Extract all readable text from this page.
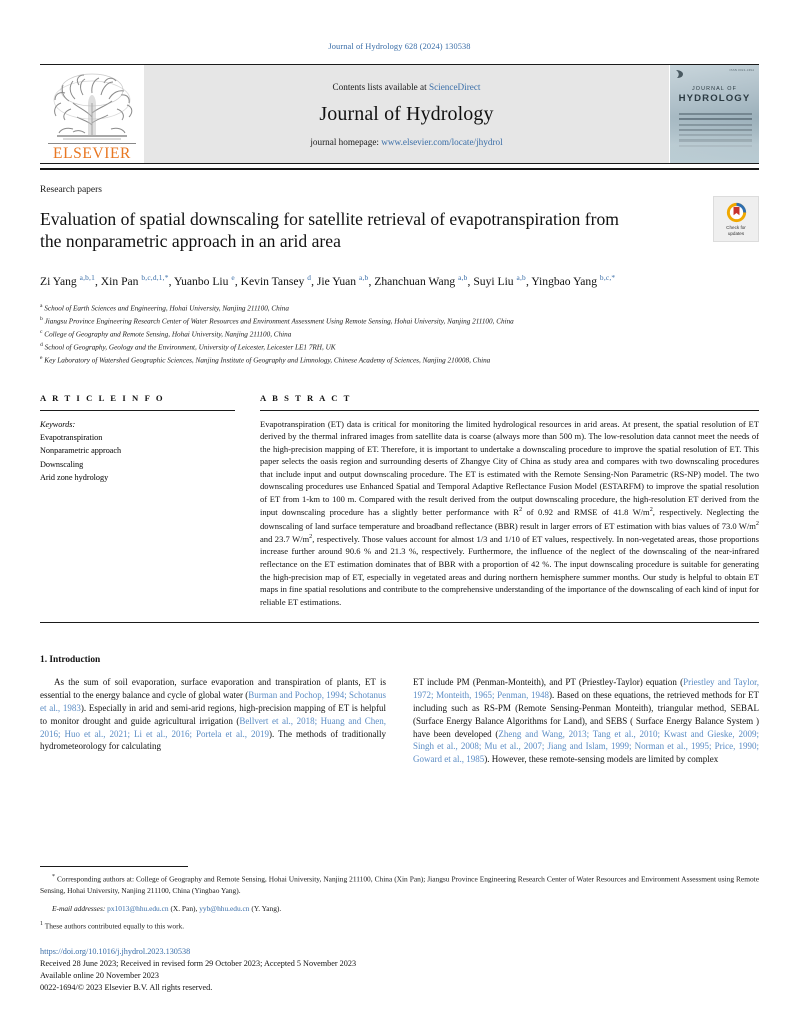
Journal of Hydrology 628 (2024) 130538
ELSEVIER
Contents lists available at ScienceDirect
Journal of Hydrology
journal homepage: www.elsevier.com/locate/jhydrol
ISSN 0022-1694
JOURNAL OF
HYDROLOGY
Check for
updates
Research papers
Evaluation of spatial downscaling for satellite retrieval of evapotranspiration from the nonparametric approach in an arid area
Zi Yang $^{a,b,1}$, Xin Pan $^{b,c,d,1,*}$, Yuanbo Liu $^e$, Kevin Tansey $^d$, Jie Yuan $^{a,b}$, Zhanchuan Wang $^{a,b}$, Suyi Liu $^{a,b}$, Yingbao Yang $^{b,c,*}$
$^a$ School of Earth Sciences and Engineering, Hohai University, Nanjing 211100, China
$^b$ Jiangsu Province Engineering Research Center of Water Resources and Environment Assessment Using Remote Sensing, Hohai University, Nanjing 211100, China
$^c$ College of Geography and Remote Sensing, Hohai University, Nanjing 211100, China
$^d$ School of Geography, Geology and the Environment, University of Leicester, Leicester LE1 7RH, UK
$^e$ Key Laboratory of Watershed Geographic Sciences, Nanjing Institute of Geography and Limnology, Chinese Academy of Sciences, Nanjing 210008, China
A R T I C L E I N F O
Keywords:
Evapotranspiration
Nonparametric approach
Downscaling
Arid zone hydrology
A B S T R A C T
Evapotranspiration (ET) data is critical for monitoring the limited hydrological resources in arid areas. At present, the spatial resolution of ET derived by the thermal infrared images from satellite data is coarse (always more than 500 m). The low-resolution data cannot meet the needs of the high-precision mapping of ET. Therefore, it is important to undertake a downscaling procedure to improve the spatial resolution of ET. This paper selects the oasis region and surrounding deserts of Zhangye City of China as study area and compares with two downscaling procedures that include input and output downscaling procedure. The ET is estimated with the Remote Sensing-Non Parametric (RS-NP) model. The two downscaling procedures use Enhanced Spatial and Temporal Adaptive Reflectance Fusion Model (ESTARFM) to improve the spatial resolution of ET from 1-km to 100 m. Compared with the result derived from the output downscaling procedure, the high-resolution ET derived from the input downscaling procedure has a slightly better performance with $R^2$ of 0.92 and RMSE of 41.8 $W/m^2$, respectively. Neglecting the downscaling of land surface temperature and broadband reflectance (BBR) result in larger errors of ET estimation with bias values of 73.0 $W/m^2$ and 23.7 $W/m^2$, respectively. Those values account for almost 1/3 and 1/10 of ET values, respectively. In non-vegetated areas, those proportions increase further around 90.6 % and 21.3 %, respectively. Furthermore, the influence of the neglect of the downscaling of the near-infrared reflectance on the ET estimation dominates that of BBR with a proportion of 42 %. The input downscaling procedure is suitable for generating the high-precision map of ET, especially in vegetated areas and during northern hemisphere summer months. Our study is helpful to obtain ET maps in fine spatial resolutions and contribute to the comprehensive understanding of the importance of the downscaling of each kind of input for reliable ET estimations.
1. Introduction
As the sum of soil evaporation, surface evaporation and transpiration of plants, ET is essential to the energy balance and cycle of global water (Burman and Pochop, 1994; Schotanus et al., 1983). Especially in arid and semi-arid regions, high-precision mapping of ET is helpful to monitor drought and guide agricultural irrigation (Bellvert et al., 2018; Huang and Chen, 2016; Huo et al., 2021; Li et al., 2016; Portela et al., 2019). The methods of traditionally hydrometeorology for calculating
ET include PM (Penman-Monteith), and PT (Priestley-Taylor) equation (Priestley and Taylor, 1972; Monteith, 1965; Penman, 1948). Based on these equations, the retrieved methods for ET including such as RS-PM (Remote Sensing-Penman Monteith), triangular method, SEBAL (Surface Energy Balance Algorithms for Land), and SEBS ( Surface Energy Balance System ) have been developed (Zheng and Wang, 2013; Tang et al., 2010; Kwast and Gieske, 2009; Singh et al., 2008; Mu et al., 2007; Jiang and Islam, 1999; Norman et al., 1995; Price, 1990; Goward et al., 1985). However, these remote-sensing models are limited by complex
* Corresponding authors at: College of Geography and Remote Sensing, Hohai University, Nanjing 211100, China (Xin Pan); Jiangsu Province Engineering Research Center of Water Resources and Environment Assessment using Remote Sensing, Hohai University, Nanjing 211100, China (Yingbao Yang).
E-mail addresses: px1013@hhu.edu.cn (X. Pan), yyb@hhu.edu.cn (Y. Yang).
$^1$ These authors contributed equally to this work.
https://doi.org/10.1016/j.jhydrol.2023.130538
Received 28 June 2023; Received in revised form 29 October 2023; Accepted 5 November 2023
Available online 20 November 2023
0022-1694/© 2023 Elsevier B.V. All rights reserved.
